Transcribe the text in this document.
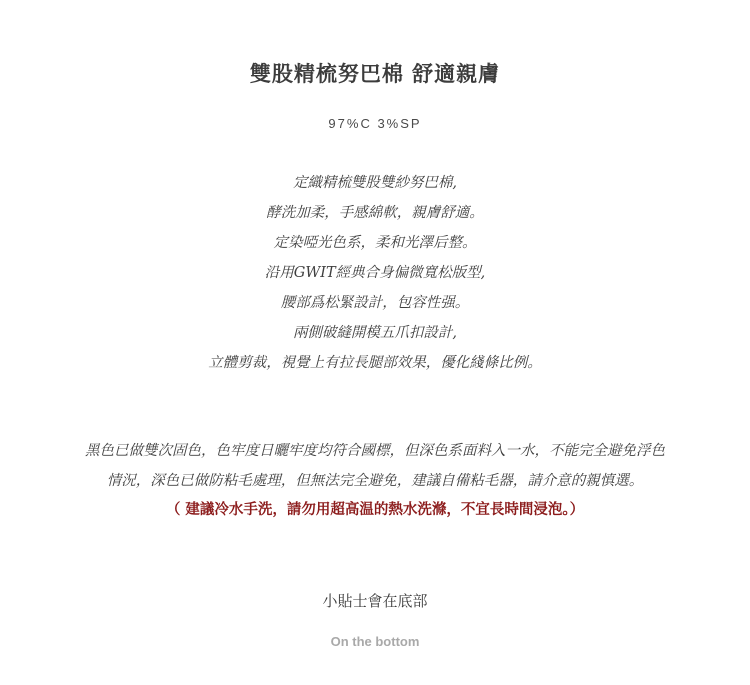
雙股精梳努巴棉 舒適親膚
97%C 3%SP
定織精梳雙股雙紗努巴棉,
酵洗加柔，手感綿軟，親膚舒適。
定染啞光色系，柔和光澤后整。
沿用GWIT經典合身偏微寬松版型,
腰部爲松緊設計，包容性强。
兩側破縫開模五爪扣設計,
立體剪裁，視覺上有拉長腿部效果，優化綫條比例。
黑色已做雙次固色，色牢度日曬牢度均符合國標，但深色系面料入一水，不能完全避免浮色
情況，深色已做防粘毛處理，但無法完全避免，建議自備粘毛器，請介意的親慎選。
（ 建議冷水手洗，請勿用超高温的熱水洗滌，不宜長時間浸泡。）
小貼士會在底部
On the bottom
